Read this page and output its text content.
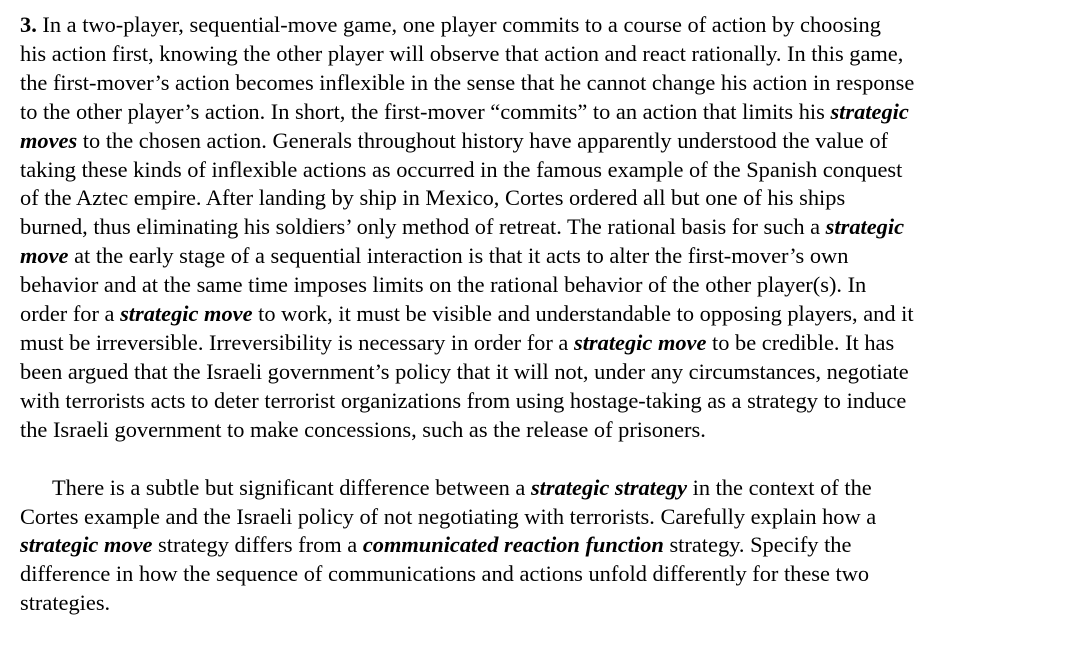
3. In a two-player, sequential-move game, one player commits to a course of action by choosing
his action first, knowing the other player will observe that action and react rationally. In this game,
the first-mover’s action becomes inflexible in the sense that he cannot change his action in response
to the other player’s action. In short, the first-mover “commits” to an action that limits his strategic
moves to the chosen action. Generals throughout history have apparently understood the value of
taking these kinds of inflexible actions as occurred in the famous example of the Spanish conquest
of the Aztec empire. After landing by ship in Mexico, Cortes ordered all but one of his ships
burned, thus eliminating his soldiers’ only method of retreat. The rational basis for such a strategic
move at the early stage of a sequential interaction is that it acts to alter the first-mover’s own
behavior and at the same time imposes limits on the rational behavior of the other player(s). In
order for a strategic move to work, it must be visible and understandable to opposing players, and it
must be irreversible. Irreversibility is necessary in order for a strategic move to be credible. It has
been argued that the Israeli government’s policy that it will not, under any circumstances, negotiate
with terrorists acts to deter terrorist organizations from using hostage-taking as a strategy to induce
the Israeli government to make concessions, such as the release of prisoners.
There is a subtle but significant difference between a strategic strategy in the context of the
Cortes example and the Israeli policy of not negotiating with terrorists. Carefully explain how a
strategic move strategy differs from a communicated reaction function strategy. Specify the
difference in how the sequence of communications and actions unfold differently for these two
strategies.
